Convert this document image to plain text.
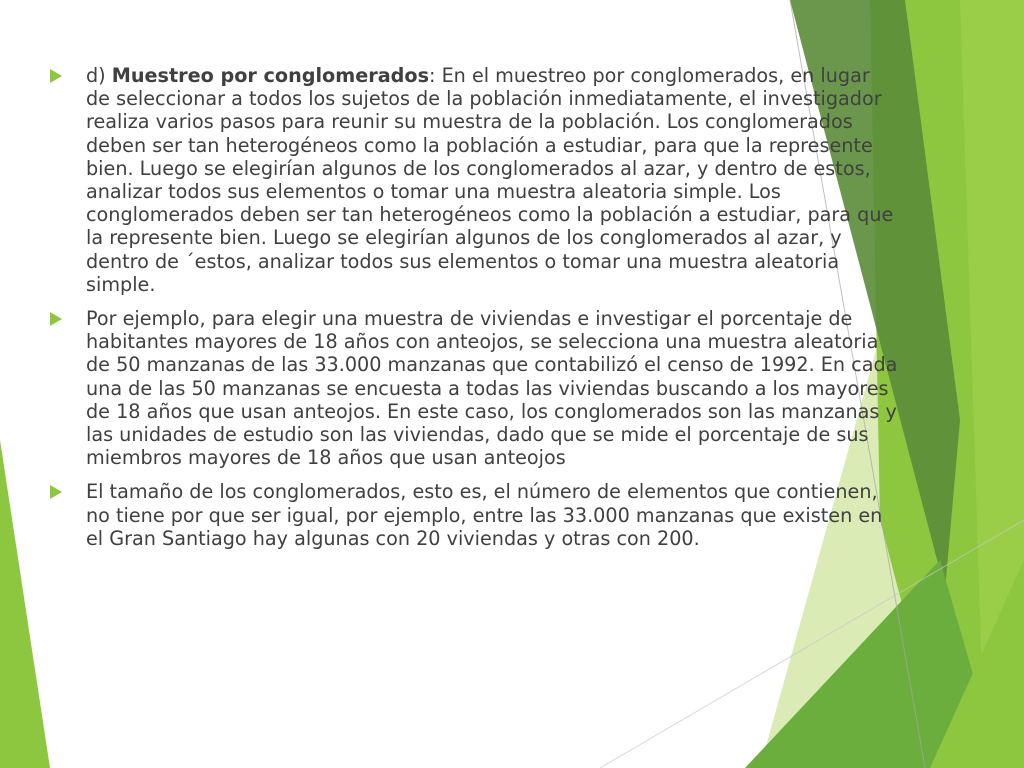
d) Muestreo por conglomerados: En el muestreo por conglomerados, en lugar de seleccionar a todos los sujetos de la población inmediatamente, el investigador realiza varios pasos para reunir su muestra de la población. Los conglomerados deben ser tan heterogéneos como la población a estudiar, para que la represente bien. Luego se elegirían algunos de los conglomerados al azar, y dentro de estos, analizar todos sus elementos o tomar una muestra aleatoria simple. Los conglomerados deben ser tan heterogéneos como la población a estudiar, para que la represente bien. Luego se elegirían algunos de los conglomerados al azar, y dentro de ´estos, analizar todos sus elementos o tomar una muestra aleatoria simple.
Por ejemplo, para elegir una muestra de viviendas e investigar el porcentaje de habitantes mayores de 18 años con anteojos, se selecciona una muestra aleatoria de 50 manzanas de las 33.000 manzanas que contabilizó el censo de 1992. En cada una de las 50 manzanas se encuesta a todas las viviendas buscando a los mayores de 18 años que usan anteojos. En este caso, los conglomerados son las manzanas y las unidades de estudio son las viviendas, dado que se mide el porcentaje de sus miembros mayores de 18 años que usan anteojos
El tamaño de los conglomerados, esto es, el número de elementos que contienen, no tiene por que ser igual, por ejemplo, entre las 33.000 manzanas que existen en el Gran Santiago hay algunas con 20 viviendas y otras con 200.
